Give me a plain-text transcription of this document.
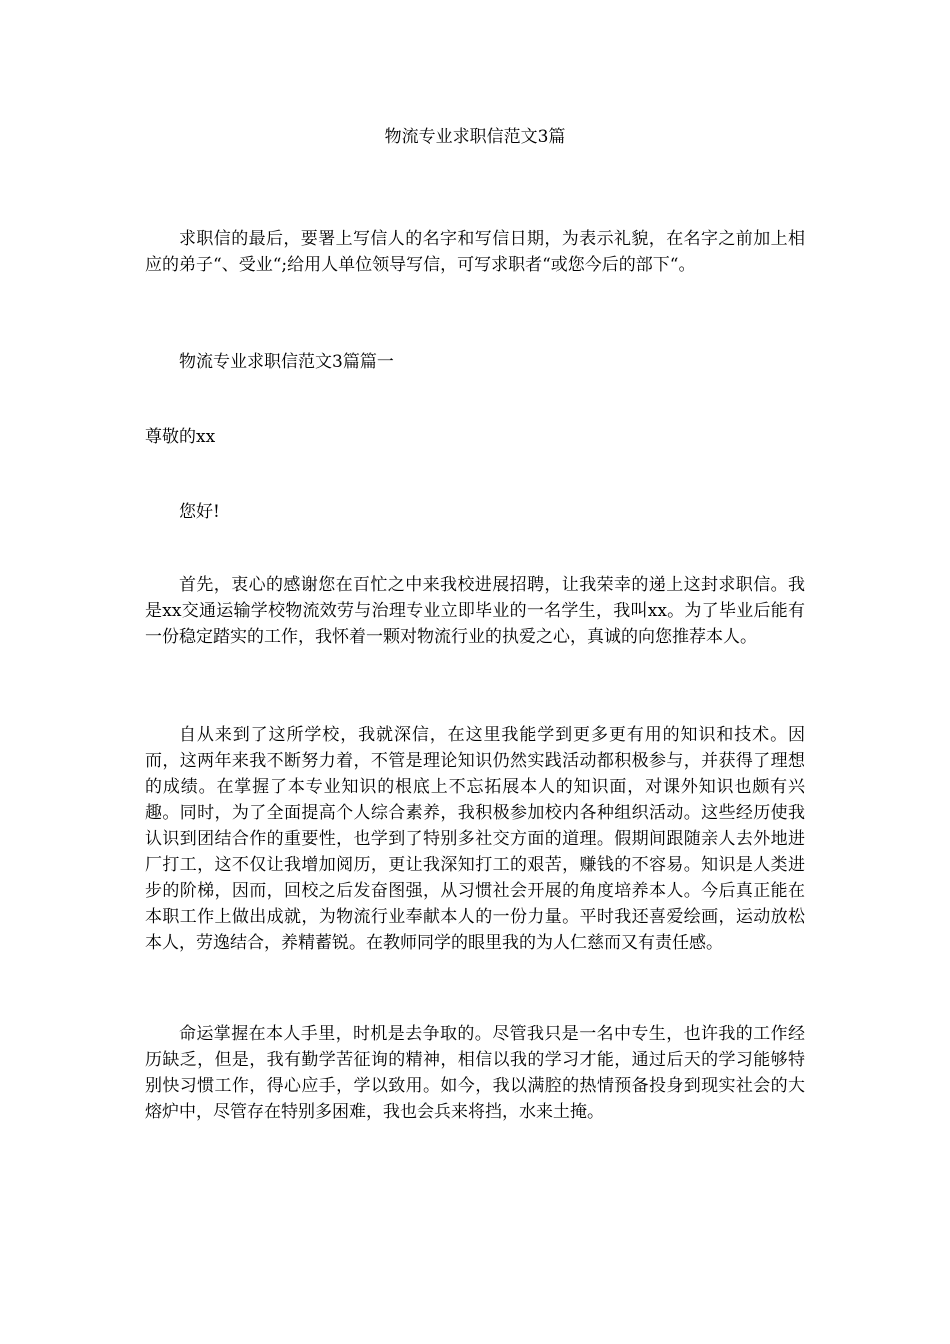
物流专业求职信范文3篇

求职信的最后，要署上写信人的名字和写信日期，为表示礼貌，在名字之前加上相应的弟子“、受业“;给用人单位领导写信，可写求职者“或您今后的部下“。

物流专业求职信范文3篇篇一

尊敬的xx

您好!

首先，衷心的感谢您在百忙之中来我校进展招聘，让我荣幸的递上这封求职信。我是xx交通运输学校物流效劳与治理专业立即毕业的一名学生，我叫xx。为了毕业后能有一份稳定踏实的工作，我怀着一颗对物流行业的执爱之心，真诚的向您推荐本人。

自从来到了这所学校，我就深信，在这里我能学到更多更有用的知识和技术。因而，这两年来我不断努力着，不管是理论知识仍然实践活动都积极参与，并获得了理想的成绩。在掌握了本专业知识的根底上不忘拓展本人的知识面，对课外知识也颇有兴趣。同时，为了全面提高个人综合素养，我积极参加校内各种组织活动。这些经历使我认识到团结合作的重要性，也学到了特别多社交方面的道理。假期间跟随亲人去外地进厂打工，这不仅让我增加阅历，更让我深知打工的艰苦，赚钱的不容易。知识是人类进步的阶梯，因而，回校之后发奋图强，从习惯社会开展的角度培养本人。今后真正能在本职工作上做出成就，为物流行业奉献本人的一份力量。平时我还喜爱绘画，运动放松本人，劳逸结合，养精蓄锐。在教师同学的眼里我的为人仁慈而又有责任感。

命运掌握在本人手里，时机是去争取的。尽管我只是一名中专生，也许我的工作经历缺乏，但是，我有勤学苦征询的精神，相信以我的学习才能，通过后天的学习能够特别快习惯工作，得心应手，学以致用。如今，我以满腔的热情预备投身到现实社会的大熔炉中，尽管存在特别多困难，我也会兵来将挡，水来土掩。
